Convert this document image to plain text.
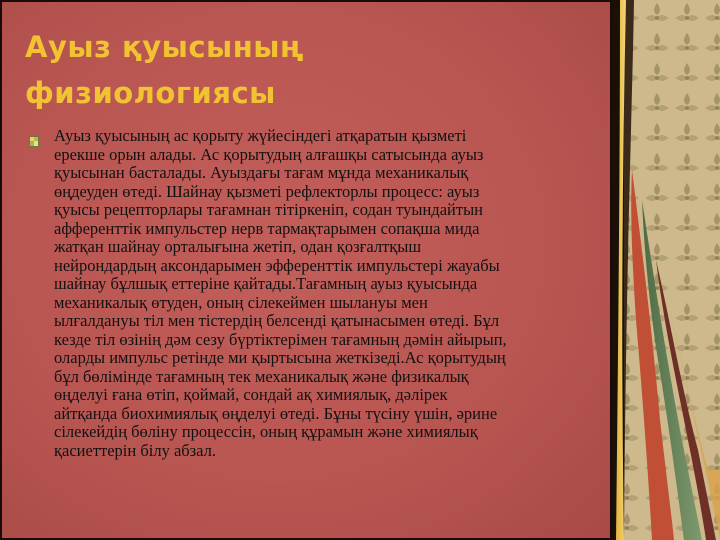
Ауыз қуысының
физиологиясы
Ауыз қуысының ас қорыту жүйесіндегі атқаратын қызметі
ерекше орын алады. Ас қорытудың алғашқы сатысында ауыз
қуысынан басталады. Ауыздағы тағам мұнда механикалық
өңдеуден өтеді. Шайнау қызметі рефлекторлы процесс: ауыз
қуысы рецепторлары тағамнан тітіркеніп, содан туындайтын
афференттік импульстер нерв тармақтарымен сопақша мида
жатқан шайнау орталығына жетіп, одан қозғалтқыш
нейрондардың аксондарымен эфференттік импульстері жауабы
шайнау бұлшық еттеріне қайтады.Тағамның ауыз қуысында
механикалық өтуден, оның сілекеймен шылануы мен
ылғалдануы тіл мен тістердің белсенді қатынасымен өтеді. Бұл
кезде тіл өзінің дәм сезу бүртіктерімен тағамның дәмін айырып,
оларды импульс ретінде ми қыртысына жеткізеді.Ас қорытудың
бұл бөлімінде тағамның тек механикалық және физикалық
өңделуі ғана өтіп, қоймай, сондай ақ химиялық, дәлірек
айтқанда биохимиялық өңделуі өтеді. Бұны түсіну үшін, әрине
сілекейдің бөліну процессін, оның құрамын және химиялық
қасиеттерін білу абзал.
